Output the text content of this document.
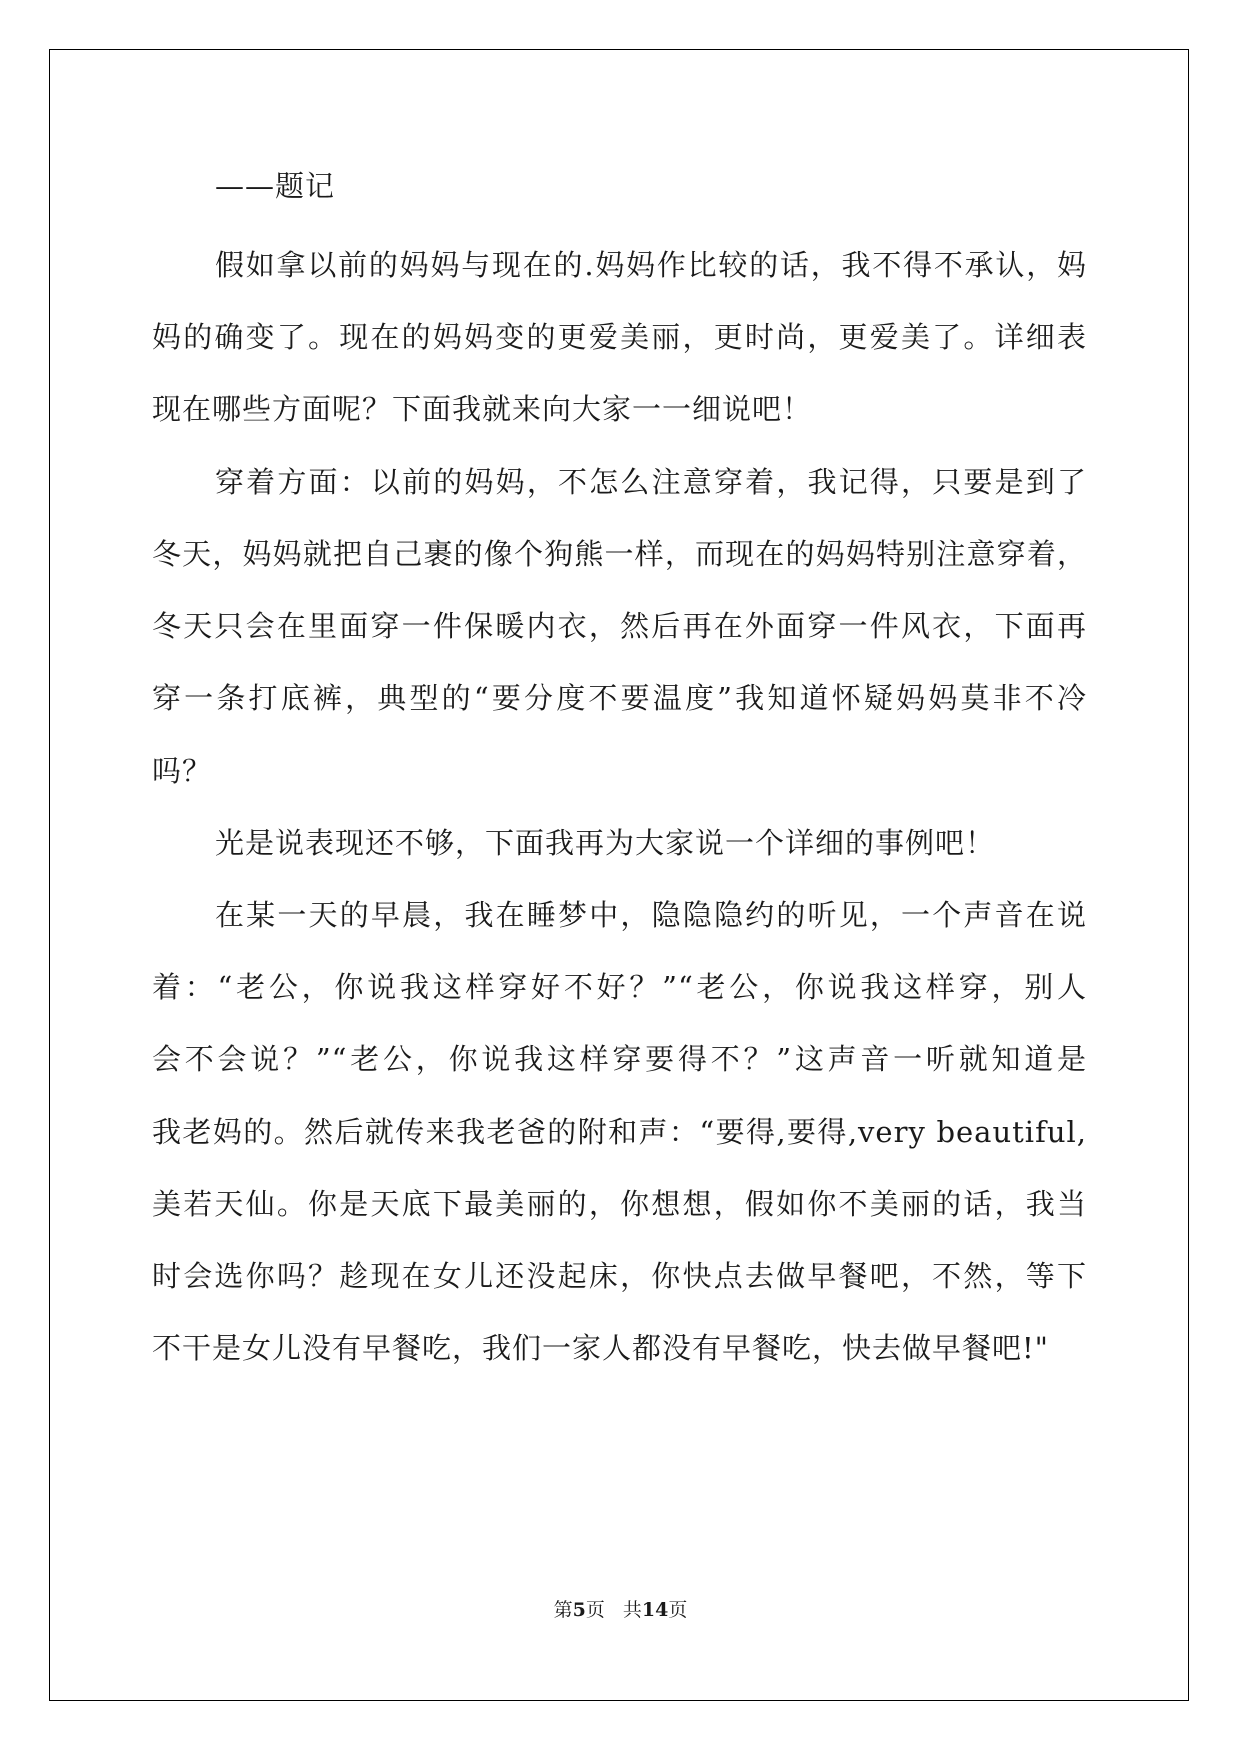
——题记
假如拿以前的妈妈与现在的.妈妈作比较的话，我不得不承认，妈
妈的确变了。现在的妈妈变的更爱美丽，更时尚，更爱美了。详细表
现在哪些方面呢？下面我就来向大家一一细说吧！
穿着方面：以前的妈妈，不怎么注意穿着，我记得，只要是到了
冬天，妈妈就把自己裹的像个狗熊一样，而现在的妈妈特别注意穿着，
冬天只会在里面穿一件保暖内衣，然后再在外面穿一件风衣，下面再
穿一条打底裤，典型的“要分度不要温度”我知道怀疑妈妈莫非不冷
吗？
光是说表现还不够，下面我再为大家说一个详细的事例吧！
在某一天的早晨，我在睡梦中，隐隐隐约的听见，一个声音在说
着：“老公，你说我这样穿好不好？”“老公，你说我这样穿，别人
会不会说？”“老公，你说我这样穿要得不？”这声音一听就知道是
我老妈的。然后就传来我老爸的附和声：“要得,要得,very beautiful,
美若天仙。你是天底下最美丽的，你想想，假如你不美丽的话，我当
时会选你吗？趁现在女儿还没起床，你快点去做早餐吧，不然，等下
不干是女儿没有早餐吃，我们一家人都没有早餐吃，快去做早餐吧!"
第5页 共14页
